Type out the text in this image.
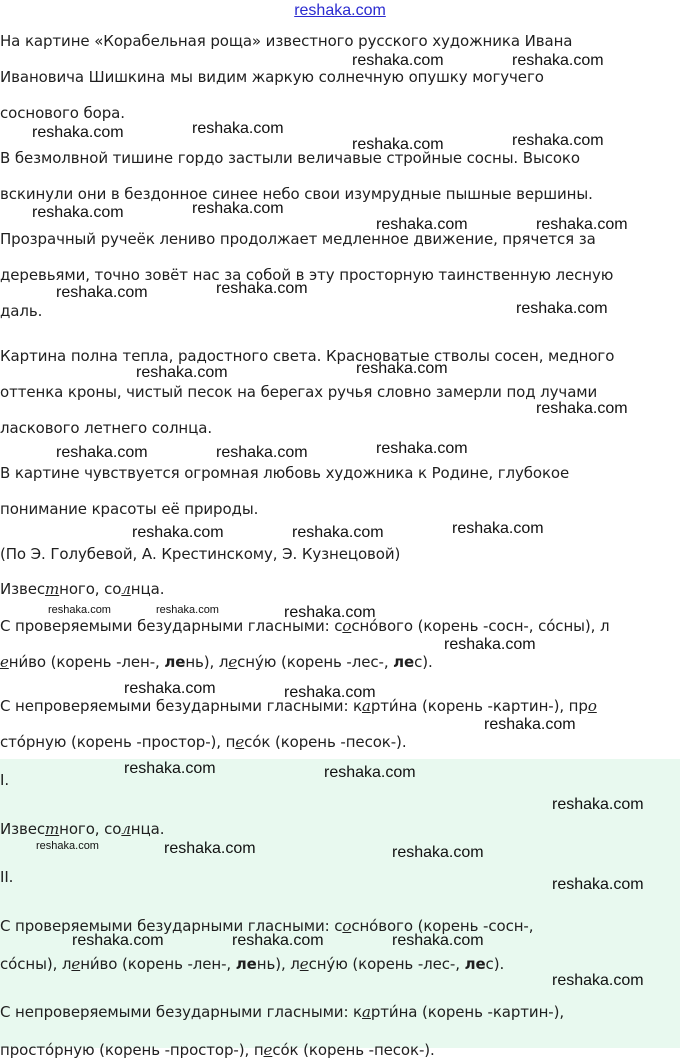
reshaka.com
На картине «Корабельная роща» известного русского художника Ивана
Ивановича Шишкина мы видим жаркую солнечную опушку могучего
соснового бора.
В безмолвной тишине гордо застыли величавые стройные сосны. Высоко
вскинули они в бездонное синее небо свои изумрудные пышные вершины.
Прозрачный ручеёк лениво продолжает медленное движение, прячется за
деревьями, точно зовёт нас за собой в эту просторную таинственную лесную
даль.
Картина полна тепла, радостного света. Красноватые стволы сосен, медного
оттенка кроны, чистый песок на берегах ручья словно замерли под лучами
ласкового летнего солнца.
В картине чувствуется огромная любовь художника к Родине, глубокое
понимание красоты её природы.
(По Э. Голубевой, А. Крестинскому, Э. Кузнецовой)
Известного, солнца.
С проверяемыми безударными гласными: сосно́вого (корень -сосн-, со́сны), л
ени́во (корень -лен-, лень), лесну́ю (корень -лес-, лес).
С непроверяемыми безударными гласными: карти́на (корень -картин-), про
сто́рную (корень -простор-), песо́к (корень -песок-).
I.
Известного, солнца.
II.
С проверяемыми безударными гласными: сосно́вого (корень -сосн-,
со́сны), лени́во (корень -лен-, лень), лесну́ю (корень -лес-, лес).
С непроверяемыми безударными гласными: карти́на (корень -картин-),
просто́рную (корень -простор-), песо́к (корень -песок-).
reshaka.com	reshaka.com
reshaka.com	reshaka.com
reshaka.com	reshaka.com
reshaka.com	reshaka.com
reshaka.com	reshaka.com
reshaka.com	reshaka.com
reshaka.com
reshaka.com	reshaka.com
reshaka.com
reshaka.com	reshaka.com	reshaka.com
reshaka.com	reshaka.com	reshaka.com
reshaka.com	reshaka.com	reshaka.com
reshaka.com
reshaka.com	reshaka.com
reshaka.com
reshaka.com	reshaka.com
reshaka.com
reshaka.com	reshaka.com	reshaka.com
reshaka.com
reshaka.com	reshaka.com	reshaka.com
reshaka.com
